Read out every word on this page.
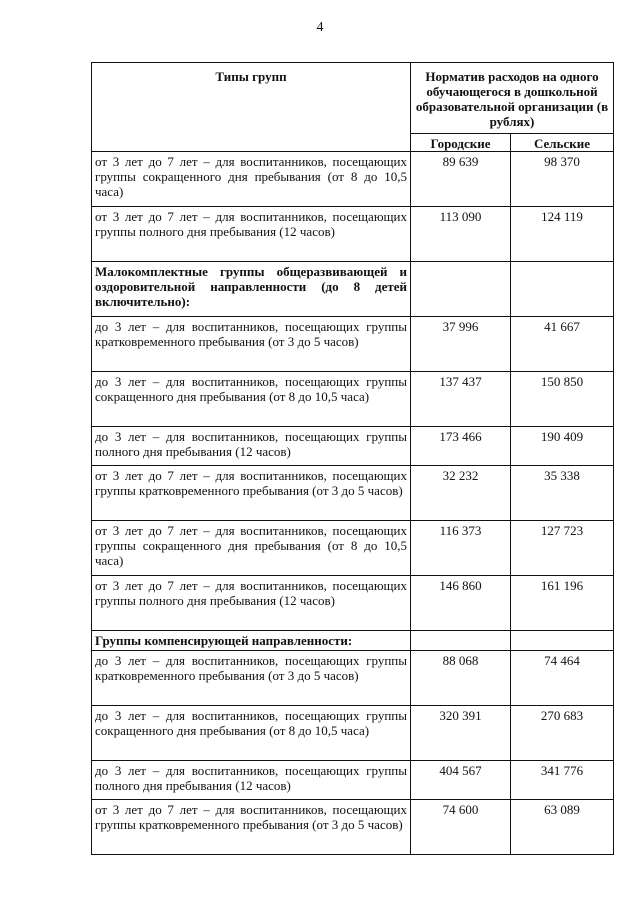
4
Типы групп	Норматив расходов на одного обучающегося в дошкольной образовательной организации (в рублях)	
	Городские	Сельские
от 3 лет до 7 лет – для воспитанников, посещающих группы сокращенного дня пребывания (от 8 до 10,5 часа)	89 639	98 370
от 3 лет до 7 лет – для воспитанников, посещающих группы полного дня пребывания (12 часов)	113 090	124 119
Малокомплектные группы общеразвивающей и оздоровительной направленности (до 8 детей включительно):		
до 3 лет – для воспитанников, посещающих группы кратковременного пребывания (от 3 до 5 часов)	37 996	41 667
до 3 лет – для воспитанников, посещающих группы сокращенного дня пребывания (от 8 до 10,5 часа)	137 437	150 850
до 3 лет – для воспитанников, посещающих группы полного дня пребывания (12 часов)	173 466	190 409
от 3 лет до 7 лет – для воспитанников, посещающих группы кратковременного пребывания (от 3 до 5 часов)	32 232	35 338
от 3 лет до 7 лет – для воспитанников, посещающих группы сокращенного дня пребывания (от 8 до 10,5 часа)	116 373	127 723
от 3 лет до 7 лет – для воспитанников, посещающих группы полного дня пребывания (12 часов)	146 860	161 196
Группы компенсирующей направленности:		
до 3 лет – для воспитанников, посещающих группы кратковременного пребывания (от 3 до 5 часов)	88 068	74 464
до 3 лет – для воспитанников, посещающих группы сокращенного дня пребывания (от 8 до 10,5 часа)	320 391	270 683
до 3 лет – для воспитанников, посещающих группы полного дня пребывания (12 часов)	404 567	341 776
от 3 лет до 7 лет – для воспитанников, посещающих группы кратковременного пребывания (от 3 до 5 часов)	74 600	63 089
